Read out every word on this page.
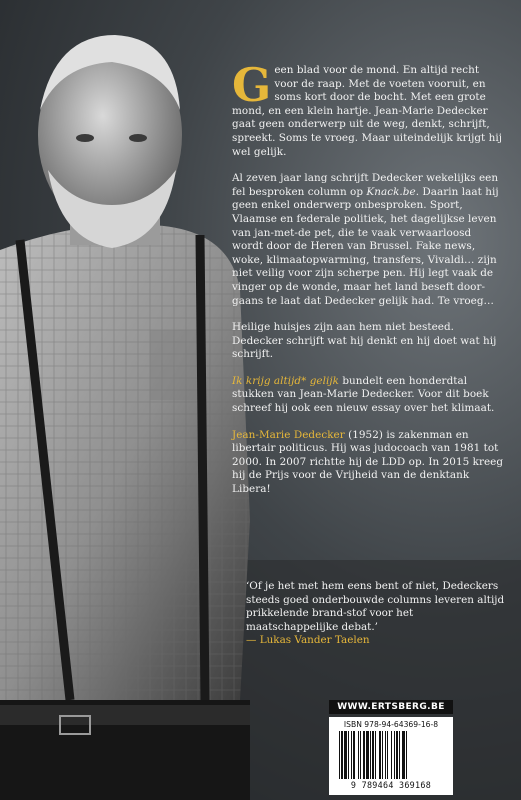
Geen blad voor de mond. En altijd recht voor de raap. Met de voeten vooruit, en soms kort door de bocht. Met een grote mond, en een klein hartje. Jean-Marie Dedecker gaat geen onderwerp uit de weg, denkt, schrijft, spreekt. Soms te vroeg. Maar uiteindelijk krijgt hij wel gelijk.

Al zeven jaar lang schrijft Dedecker wekelijks een fel besproken column op Knack.be. Daarin laat hij geen enkel onderwerp onbesproken. Sport, Vlaamse en federale politiek, het dagelijkse leven van jan-met-de pet, die te vaak verwaarloosd wordt door de Heren van Brussel. Fake news, woke, klimaatopwarming, transfers, Vivaldi… zijn niet veilig voor zijn scherpe pen. Hij legt vaak de vinger op de wonde, maar het land beseft door-gaans te laat dat Dedecker gelijk had. Te vroeg…

Heilige huisjes zijn aan hem niet besteed. Dedecker schrijft wat hij denkt en hij doet wat hij schrijft.

Ik krijg altijd* gelijk bundelt een honderdtal stukken van Jean-Marie Dedecker. Voor dit boek schreef hij ook een nieuw essay over het klimaat.

Jean-Marie Dedecker (1952) is zakenman en libertair politicus. Hij was judocoach van 1981 tot 2000. In 2007 richtte hij de LDD op. In 2015 kreeg hij de Prijs voor de Vrijheid van de denktank Libera!

‘Of je het met hem eens bent of niet, Dedeckers steeds goed onderbouwde columns leveren altijd prikkelende brand-stof voor het maatschappelijke debat.’
— Lukas Vander Taelen
WWW.ERTSBERG.BE
ISBN 978-94-64369-16-8
9 789464 369168
